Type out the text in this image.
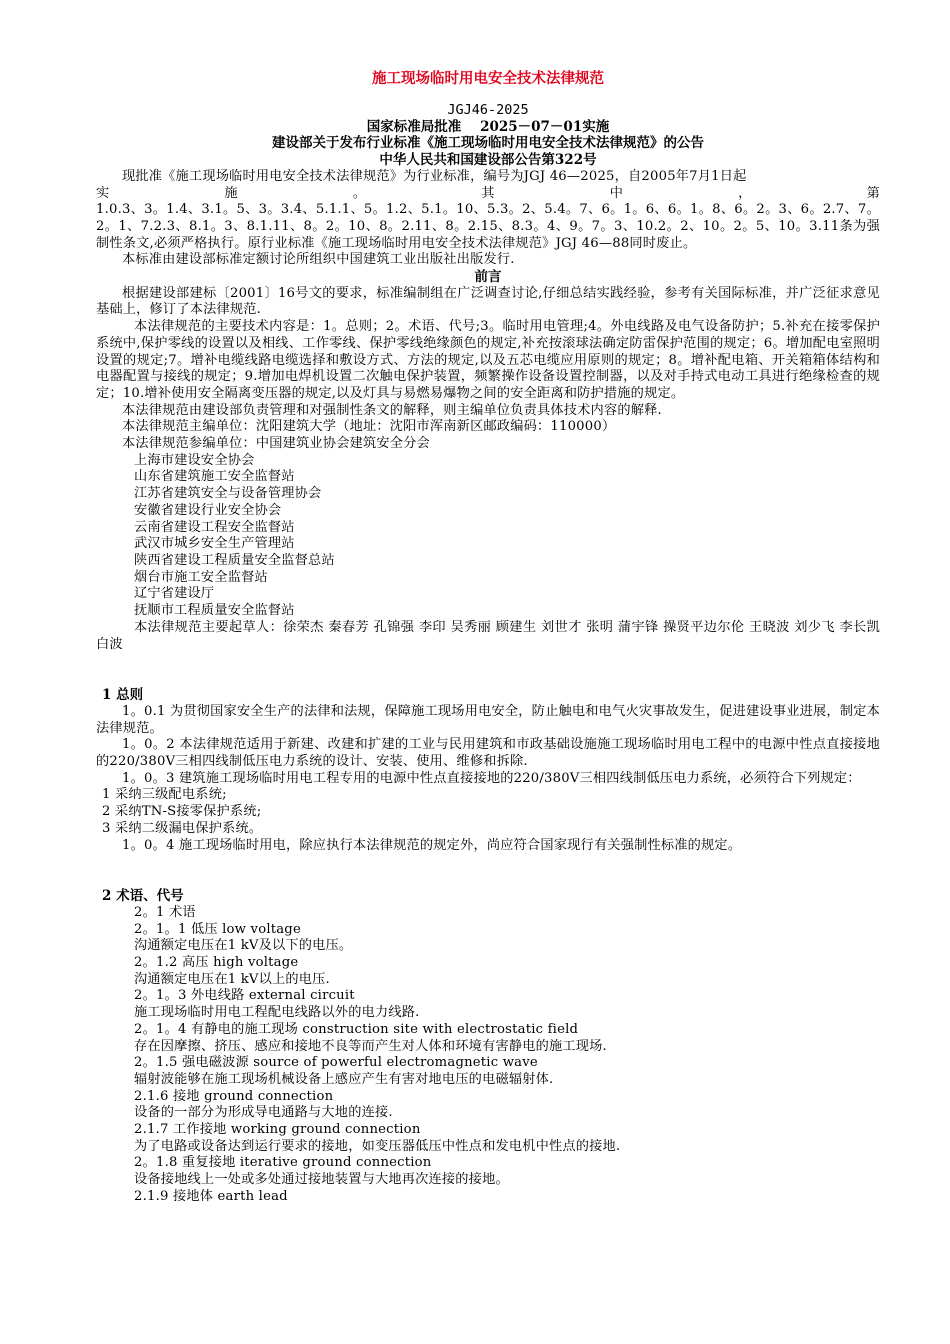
施工现场临时用电安全技术法律规范

JGJ46-2025

国家标准局批准    2025－07－01实施

建设部关于发布行业标准《施工现场临时用电安全技术法律规范》的公告

中华人民共和国建设部公告第322号

现批准《施工现场临时用电安全技术法律规范》为行业标准，编号为JGJ 46—2025，自2005年7月1日起

实 施 。 其 中 ， 第

1.0.3、3。1.4、3.1。5、3。3.4、5.1.1、5。1.2、5.1。10、5.3。2、5.4。7、6。1。6、6。1。8、6。2。3、6。2.7、7。2。1、7.2.3、8.1。3、8.1.11、8。2。10、8。2.11、8。2.15、8.3。4、9。7。3、10.2。2、10。2。5、10。3.11条为强制性条文,必须严格执行。原行业标准《施工现场临时用电安全技术法律规范》JGJ 46—88同时废止。

本标准由建设部标准定额讨论所组织中国建筑工业出版社出版发行.

前言

根据建设部建标〔2001〕16号文的要求，标准编制组在广泛调查讨论,仔细总结实践经验，参考有关国际标准，并广泛征求意见基础上，修订了本法律规范.

本法律规范的主要技术内容是：1。总则；2。术语、代号;3。临时用电管理;4。外电线路及电气设备防护；5.补充在接零保护系统中,保护零线的设置以及相线、工作零线、保护零线绝缘颜色的规定,补充按滚球法确定防雷保护范围的规定；6。增加配电室照明设置的规定;7。增补电缆线路电缆选择和敷设方式、方法的规定,以及五芯电缆应用原则的规定；8。增补配电箱、开关箱箱体结构和电器配置与接线的规定；9.增加电焊机设置二次触电保护装置，频繁操作设备设置控制器，以及对手持式电动工具进行绝缘检查的规定；10.增补使用安全隔离变压器的规定,以及灯具与易燃易爆物之间的安全距离和防护措施的规定。

本法律规范由建设部负责管理和对强制性条文的解释，则主编单位负责具体技术内容的解释.

本法律规范主编单位：沈阳建筑大学（地址：沈阳市浑南新区邮政编码：110000）

本法律规范参编单位：中国建筑业协会建筑安全分会

上海市建设安全协会

山东省建筑施工安全监督站

江苏省建筑安全与设备管理协会

安徽省建设行业安全协会

云南省建设工程安全监督站

武汉市城乡安全生产管理站

陕西省建设工程质量安全监督总站

烟台市施工安全监督站

辽宁省建设厅

抚顺市工程质量安全监督站

本法律规范主要起草人：徐荣杰 秦春芳 孔锦强 李印 吴秀丽 顾建生 刘世才 张明 蒲宇锋 操贤平边尔伦 王晓波 刘少飞 李长凯 白波

1 总则

1。0.1 为贯彻国家安全生产的法律和法规，保障施工现场用电安全，防止触电和电气火灾事故发生，促进建设事业进展，制定本法律规范。

1。0。2 本法律规范适用于新建、改建和扩建的工业与民用建筑和市政基础设施施工现场临时用电工程中的电源中性点直接接地的220/380V三相四线制低压电力系统的设计、安装、使用、维修和拆除.

1。0。3 建筑施工现场临时用电工程专用的电源中性点直接接地的220/380V三相四线制低压电力系统，必须符合下列规定：

1 采纳三级配电系统;

2 采纳TN-S接零保护系统;

3 采纳二级漏电保护系统。

1。0。4 施工现场临时用电，除应执行本法律规范的规定外，尚应符合国家现行有关强制性标准的规定。

2 术语、代号

2。1 术语

2。1。1 低压 low voltage

沟通额定电压在1 kV及以下的电压。

2。1.2 高压 high voltage

沟通额定电压在1 kV以上的电压.

2。1。3 外电线路 external circuit

施工现场临时用电工程配电线路以外的电力线路.

2。1。4 有静电的施工现场 construction site with electrostatic field

存在因摩擦、挤压、感应和接地不良等而产生对人体和环境有害静电的施工现场.

2。1.5 强电磁波源 source of powerful electromagnetic wave

辐射波能够在施工现场机械设备上感应产生有害对地电压的电磁辐射体.

2.1.6 接地 ground connection

设备的一部分为形成导电通路与大地的连接.

2.1.7 工作接地 working ground connection

为了电路或设备达到运行要求的接地，如变压器低压中性点和发电机中性点的接地.

2。1.8 重复接地 iterative ground connection

设备接地线上一处或多处通过接地装置与大地再次连接的接地。

2.1.9 接地体 earth lead
